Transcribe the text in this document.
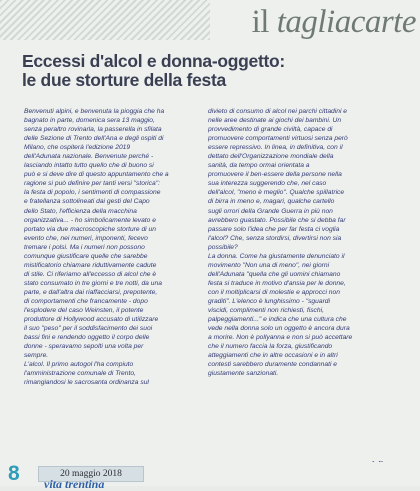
il tagliacarte
Eccessi d'alcol e donna-oggetto:
le due storture della festa
Benvenuti alpini, e benvenuta la pioggia che ha
bagnato in parte, domenica sera 13 maggio,
senza peraltro rovinarla, la passerella in sfilata
delle Sezione di Trento dell'Ana e degli ospiti di
Milano, che ospiterà l'edizione 2019
dell'Adunata nazionale. Benvenute perché -
lasciando intatto tutto quello che di buono si
può e si deve dire di questo appuntamento che a
ragione si può definire per tanti versi "storica":
la festa di popolo, i sentimenti di compassione
e fratellanza sottolineati dai gesti del Capo
dello Stato, l'efficienza della macchina
organizzativa... - ho simbolicamente levato e
portato via due macroscopiche storture di un
evento che, nei numeri, imponenti, fecevo
tremare i polsi. Ma i numeri non possono
comunque giustificare quelle che sarebbe
mistificatorio chiamare riduttivamente cadute
di stile. Ci riferiamo all'eccesso di alcol che è
stato consumato in tre giorni e tre notti, da una
parte, e dall'altra dai riaffacciarsi, prepotente,
di comportamenti che francamente - dopo
l'esplodere del caso Weinsten, il potente
produttore di Hollywood accusato di utilizzare
il suo "peso" per il soddisfacimento dei suoi
bassi fini e rendendo oggetto il corpo delle
donne - speravamo sepolti una volta per
sempre.
L'alcol. Il primo autogol l'ha compiuto
l'amministrazione comunale di Trento,
rimangiandosi le sacrosanta ordinanza sul
divieto di consumo di alcol nei parchi cittadini e
nelle aree destinate ai giochi dei bambini. Un
provvedimento di grande civiltà, capace di
promuovere comportamenti virtuosi senza però
essere repressivo. In linea, in definitiva, con il
dettato dell'Organizzazione mondiale della
sanità, da tempo ormai orientata a
promuovere il ben-essere della persone nella
sua interezza suggerendo che, nel caso
dell'alcol, "meno è meglio". Qualche spillatrice
di birra in meno e, magari, qualche cartello
sugli orrori della Grande Guerra in più non
avrebbero guastato. Possibile che si debba far
passare solo l'idea che per far festa ci voglia
l'alcol? Che, senza stordirsi, divertirsi non sia
possibile?
La donna. Come ha giustamente denunciato il
movimento "Non una di meno", nei giorni
dell'Adunata "quella che gli uomini chiamano
festa si traduce in motivo d'ansia per le donne,
con il moltiplicarsi di molestie e approcci non
graditi". L'elenco è lunghissimo - "sguardi
viscidi, complimenti non richiesti, fischi,
palpeggiamenti..." e indica che una cultura che
vede nella donna solo un oggetto è ancora dura
a morire. Non è pollyanna e non si può accettare
che il numero faccia la forza, giustificando
atteggiamenti che in altre occasioni e in altri
contesti sarebbero duramente condannati e
giustamente sanzionati.
8	20 maggio 2018
vita trentina
